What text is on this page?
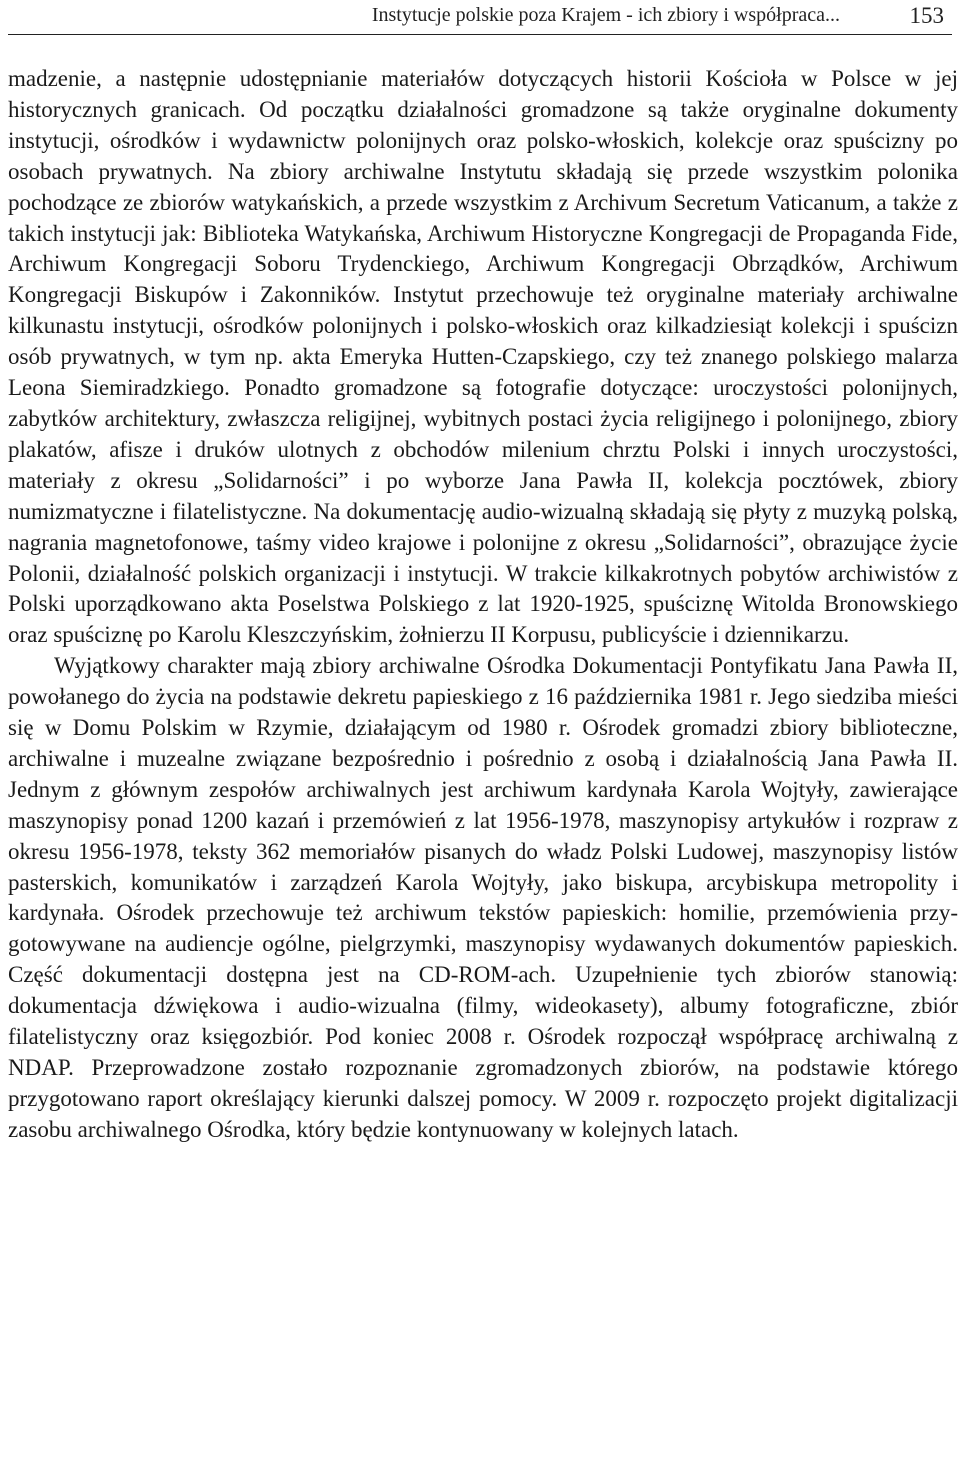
Instytucje polskie poza Krajem - ich zbiory i współpraca...	153

madzenie, a następnie udostępnianie materiałów dotyczących historii Kościoła w Polsce w jej historycznych granicach. Od początku działalności gromadzone są także oryginalne dokumenty instytucji, ośrodków i wydawnictw polonijnych oraz polsko-włoskich, kolekcje oraz spuścizny po osobach prywatnych. Na zbiory archiwalne Instytutu składają się przede wszystkim polonika pochodzące ze zbiorów watykańskich, a przede wszystkim z Archivum Secretum Vaticanum, a także z takich instytucji jak: Biblioteka Watykańska, Archiwum Historyczne Kongregacji de Propaganda Fide, Archiwum Kongregacji Soboru Trydenckiego, Archiwum Kongregacji Obrządków, Archiwum Kongregacji Biskupów i Zakonników. Instytut przechowuje też oryginalne materiały archiwalne kilkunastu instytucji, ośrodków polonijnych i polsko-włoskich oraz kilkadziesiąt kolekcji i spuścizn osób prywatnych, w tym np. akta Emeryka Hutten-Czapskiego, czy też znanego polskiego malarza Leona Siemiradzkiego. Ponadto gromadzone są fotografie dotyczące: uroczystości polonijnych, zabytków architektury, zwłaszcza religijnej, wybitnych postaci życia religijnego i polonijnego, zbiory plakatów, afisze i druków ulotnych z obchodów milenium chrztu Polski i innych uroczystości, materiały z okresu „Solidarności” i po wyborze Jana Pawła II, kolekcja pocztówek, zbiory numizmatyczne i filatelistyczne. Na dokumentację audio-wizualną składają się płyty z muzyką polską, nagrania magnetofonowe, taśmy video krajowe i polonijne z okresu „Solidarności”, obrazujące życie Polonii, działalność polskich organizacji i instytucji. W trakcie kilkakrotnych pobytów archiwistów z Polski uporządkowano akta Poselstwa Polskiego z lat 1920-1925, spuściznę Witolda Bronowskiego oraz spuściznę po Karolu Kleszczyńskim, żołnierzu II Korpusu, publicyście i dziennikarzu.

Wyjątkowy charakter mają zbiory archiwalne Ośrodka Dokumentacji Pontyfikatu Jana Pawła II, powołanego do życia na podstawie dekretu papieskiego z 16 października 1981 r. Jego siedziba mieści się w Domu Polskim w Rzymie, działającym od 1980 r. Ośrodek gromadzi zbiory biblioteczne, archiwalne i muzealne związane bezpośrednio i pośrednio z osobą i działalnością Jana Pawła II. Jednym z głównym zespołów archiwalnych jest archiwum kardynała Karola Wojtyły, zawierające maszynopisy ponad 1200 kazań i przemówień z lat 1956-1978, maszynopisy artykułów i rozpraw z okresu 1956-1978, teksty 362 memoriałów pisanych do władz Polski Ludowej, maszynopisy listów pasterskich, komunikatów i zarządzeń Karola Wojtyły, jako biskupa, arcybiskupa metropolity i kardynała. Ośrodek przechowuje też archiwum tekstów papieskich: homilie, przemówienia przygotowywane na audiencje ogólne, pielgrzymki, maszynopisy wydawanych dokumentów papieskich. Część dokumentacji dostępna jest na CD-ROM-ach. Uzupełnienie tych zbiorów stanowią: dokumentacja dźwiękowa i audio-wizualna (filmy, wideokasety), albumy fotograficzne, zbiór filatelistyczny oraz księgozbiór. Pod koniec 2008 r. Ośrodek rozpoczął współpracę archiwalną z NDAP. Przeprowadzone zostało rozpoznanie zgromadzonych zbiorów, na podstawie którego przygotowano raport określający kierunki dalszej pomocy. W 2009 r. rozpoczęto projekt digitalizacji zasobu archiwalnego Ośrodka, który będzie kontynuowany w kolejnych latach.
